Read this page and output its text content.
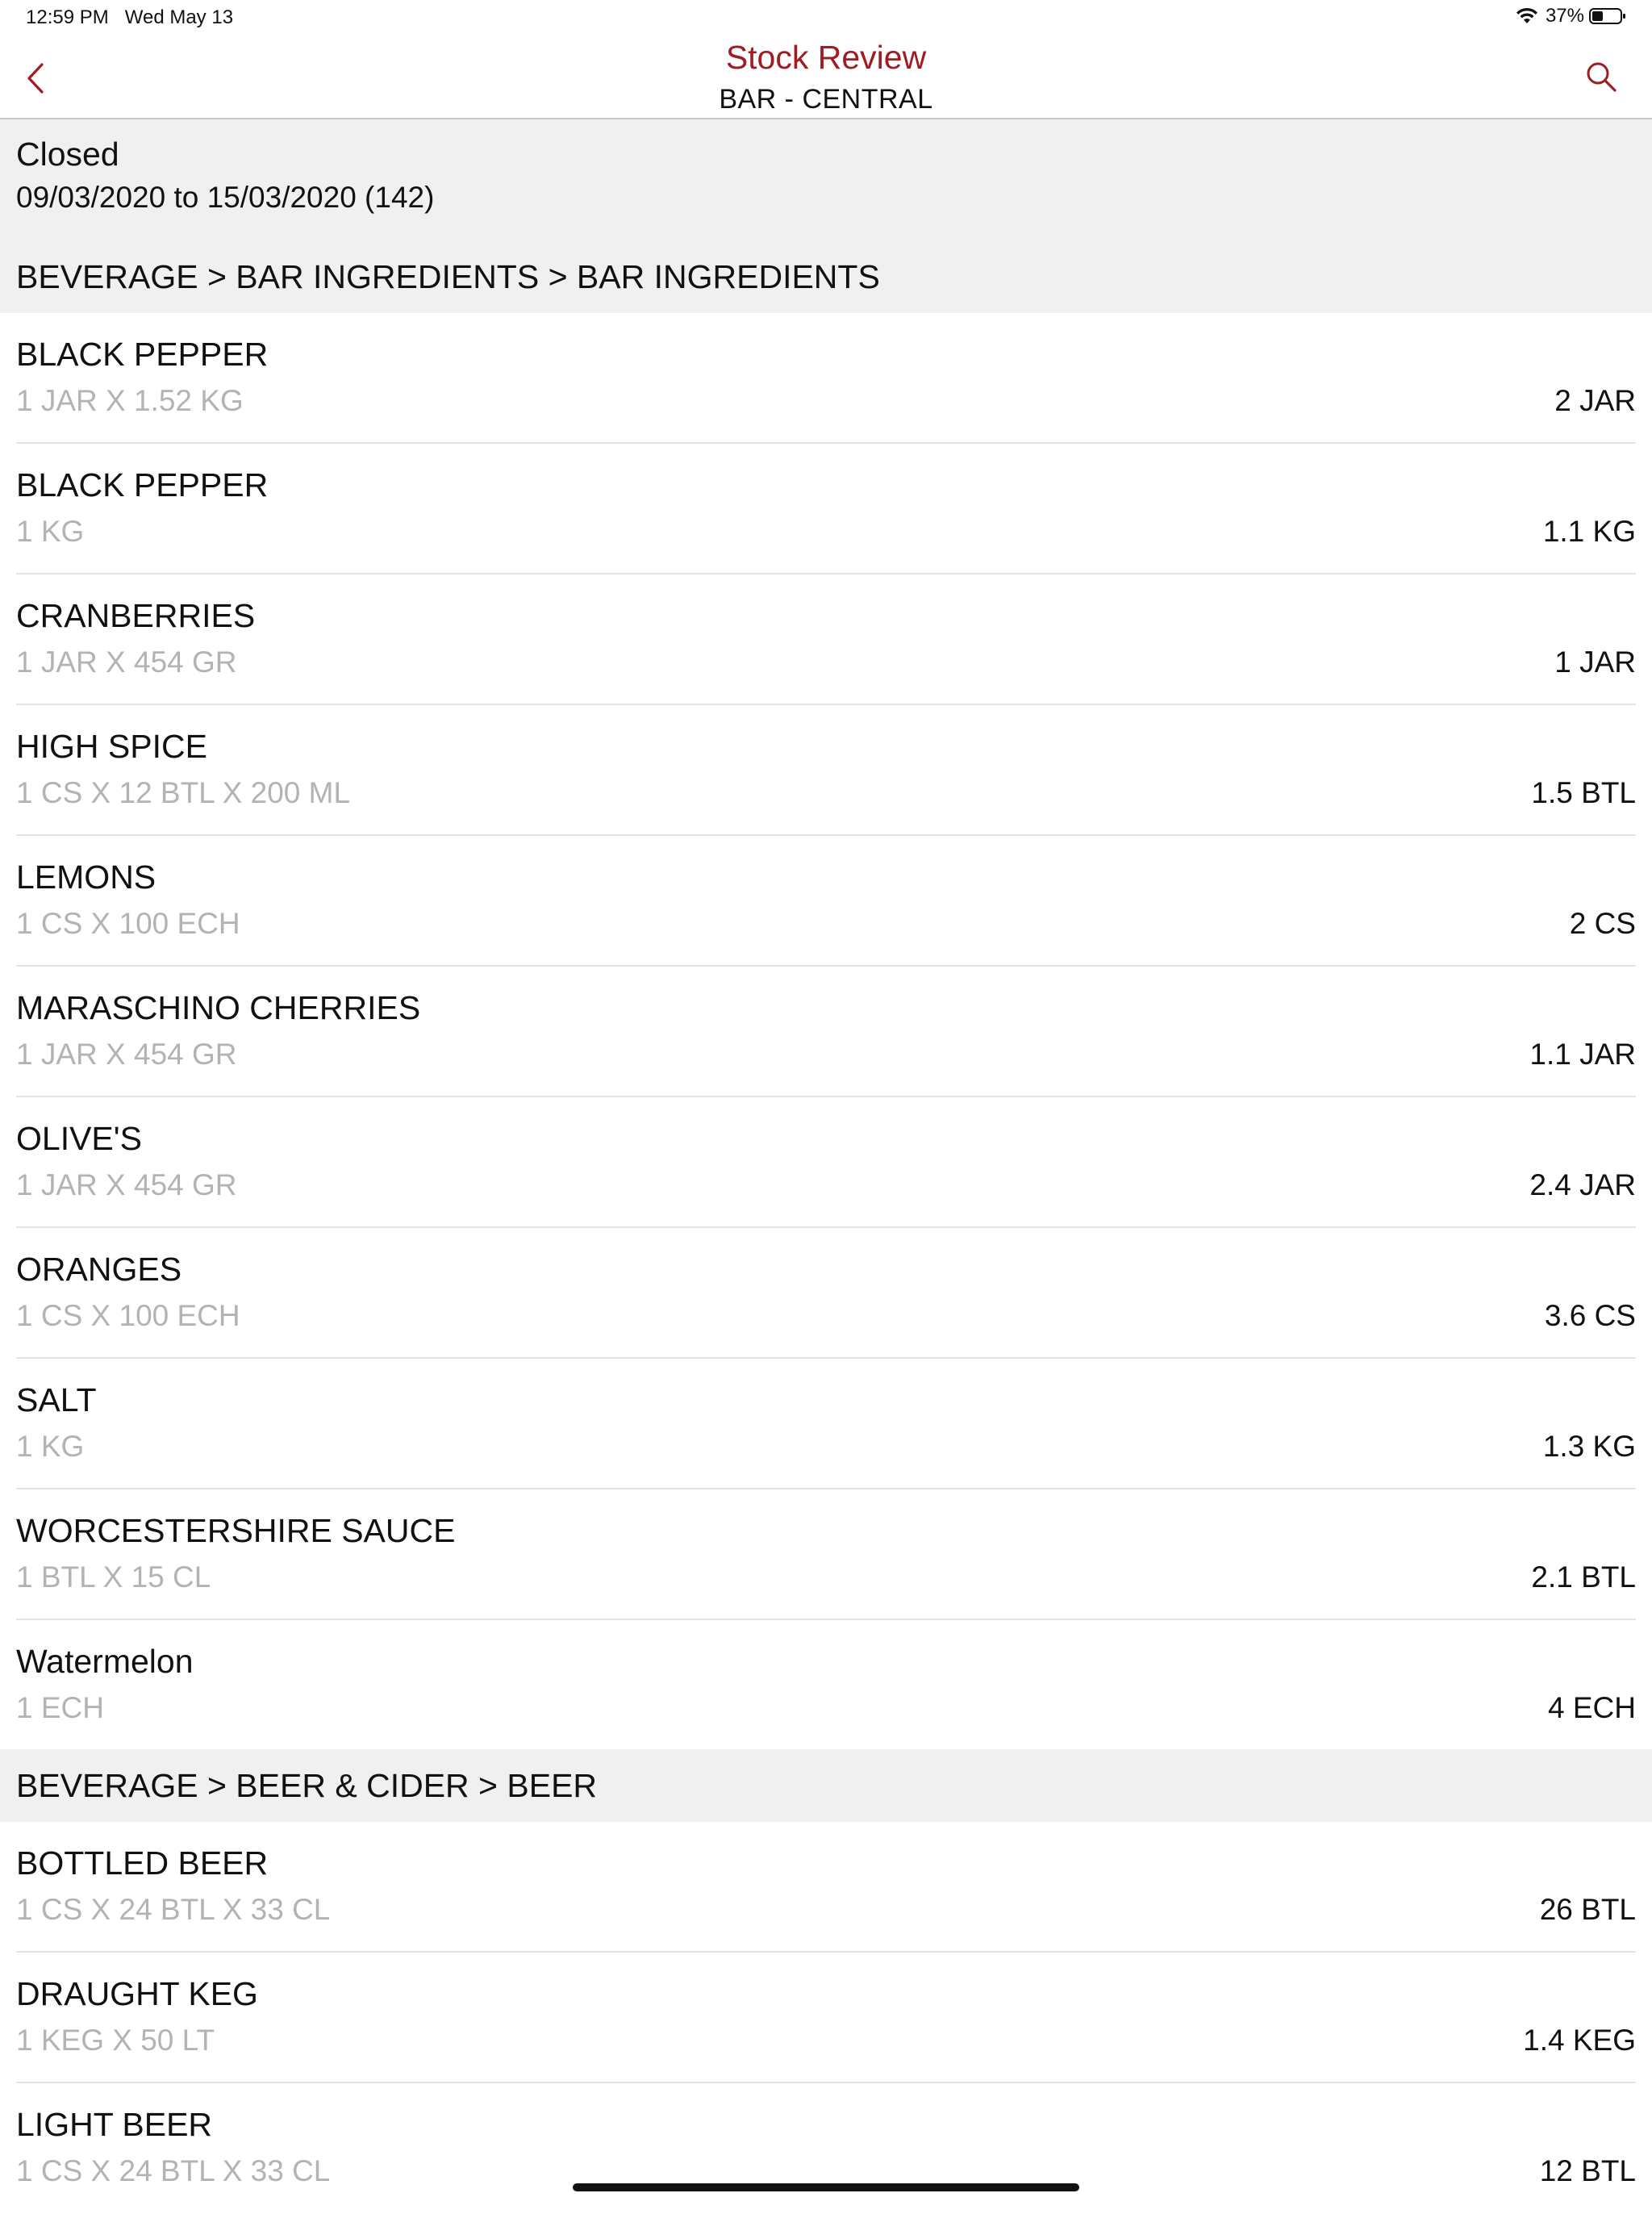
12:59 PM Wed May 13	37%
Stock Review
BAR - CENTRAL
Closed
09/03/2020 to 15/03/2020 (142)
BEVERAGE > BAR INGREDIENTS > BAR INGREDIENTS
BLACK PEPPER
1 JAR X 1.52 KG	2 JAR
BLACK PEPPER
1 KG	1.1 KG
CRANBERRIES
1 JAR X 454 GR	1 JAR
HIGH SPICE
1 CS X 12 BTL X 200 ML	1.5 BTL
LEMONS
1 CS X 100 ECH	2 CS
MARASCHINO CHERRIES
1 JAR X 454 GR	1.1 JAR
OLIVE'S
1 JAR X 454 GR	2.4 JAR
ORANGES
1 CS X 100 ECH	3.6 CS
SALT
1 KG	1.3 KG
WORCESTERSHIRE SAUCE
1 BTL X 15 CL	2.1 BTL
Watermelon
1 ECH	4 ECH
BEVERAGE > BEER & CIDER > BEER
BOTTLED BEER
1 CS X 24 BTL X 33 CL	26 BTL
DRAUGHT KEG
1 KEG X 50 LT	1.4 KEG
LIGHT BEER
1 CS X 24 BTL X 33 CL	12 BTL
